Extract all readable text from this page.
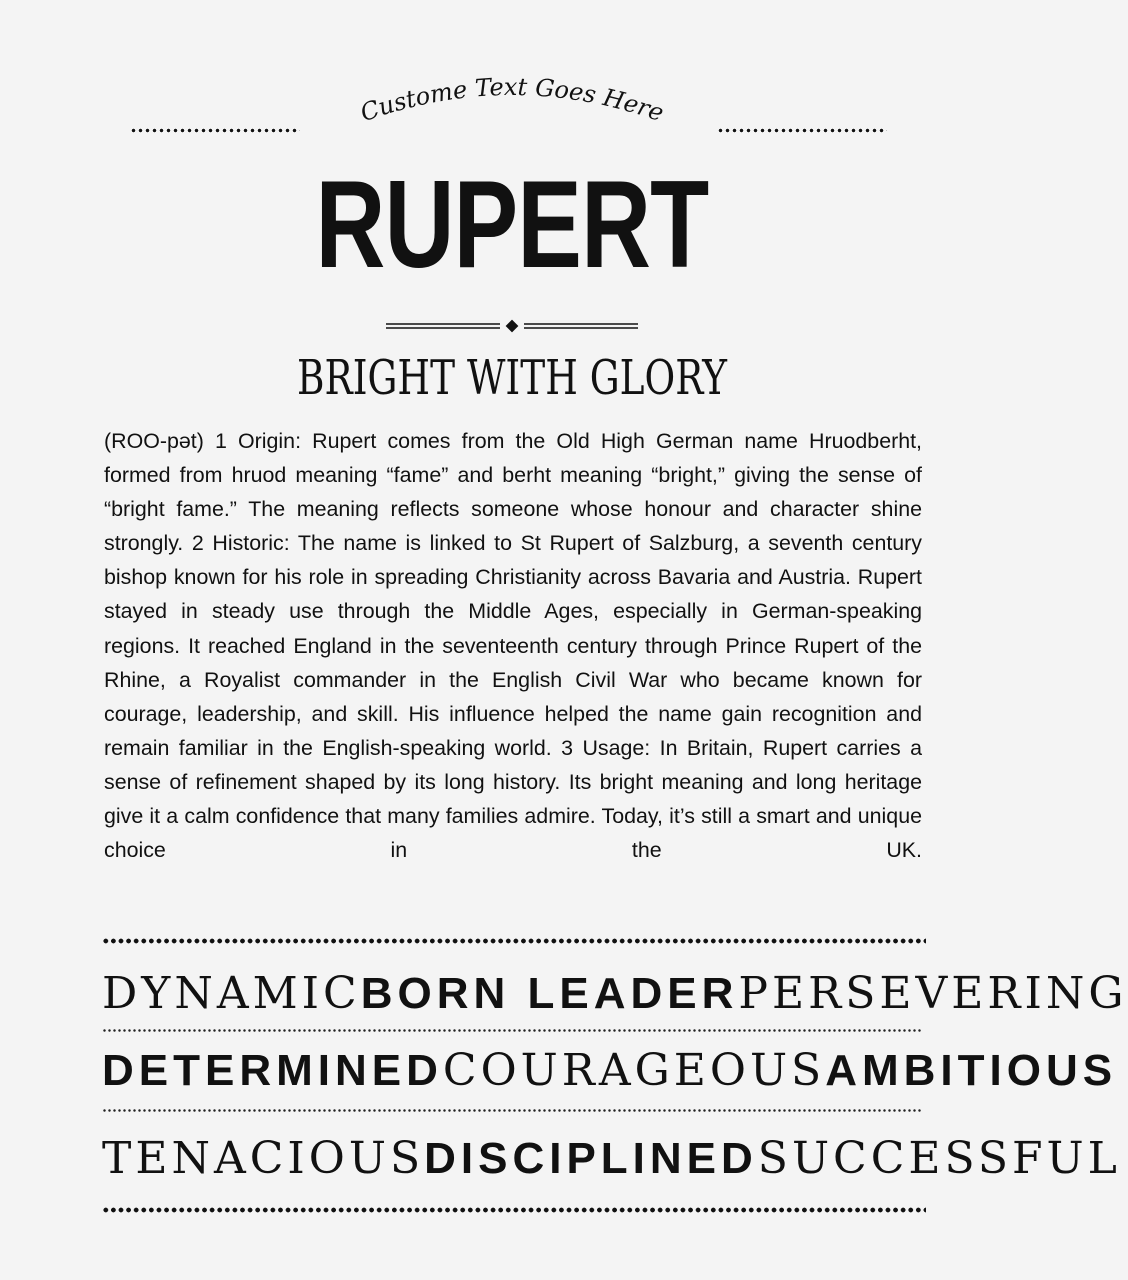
Custome Text Goes Here
RUPERT
BRIGHT WITH GLORY

(ROO-pət) 1 Origin: Rupert comes from the Old High German name Hruodberht, formed from hruod meaning “fame” and berht meaning “bright,” giving the sense of “bright fame.” The meaning reflects someone whose honour and character shine strongly. 2 Historic: The name is linked to St Rupert of Salzburg, a seventh century bishop known for his role in spreading Christianity across Bavaria and Austria. Rupert stayed in steady use through the Middle Ages, especially in German-speaking regions. It reached England in the seventeenth century through Prince Rupert of the Rhine, a Royalist commander in the English Civil War who became known for courage, leadership, and skill. His influence helped the name gain recognition and remain familiar in the English-speaking world. 3 Usage: In Britain, Rupert carries a sense of refinement shaped by its long history. Its bright meaning and long heritage give it a calm confidence that many families admire. Today, it’s still a smart and unique choice in the UK.

DYNAMIC BORN LEADER PERSEVERING
DETERMINED COURAGEOUS AMBITIOUS
TENACIOUS DISCIPLINED SUCCESSFUL
